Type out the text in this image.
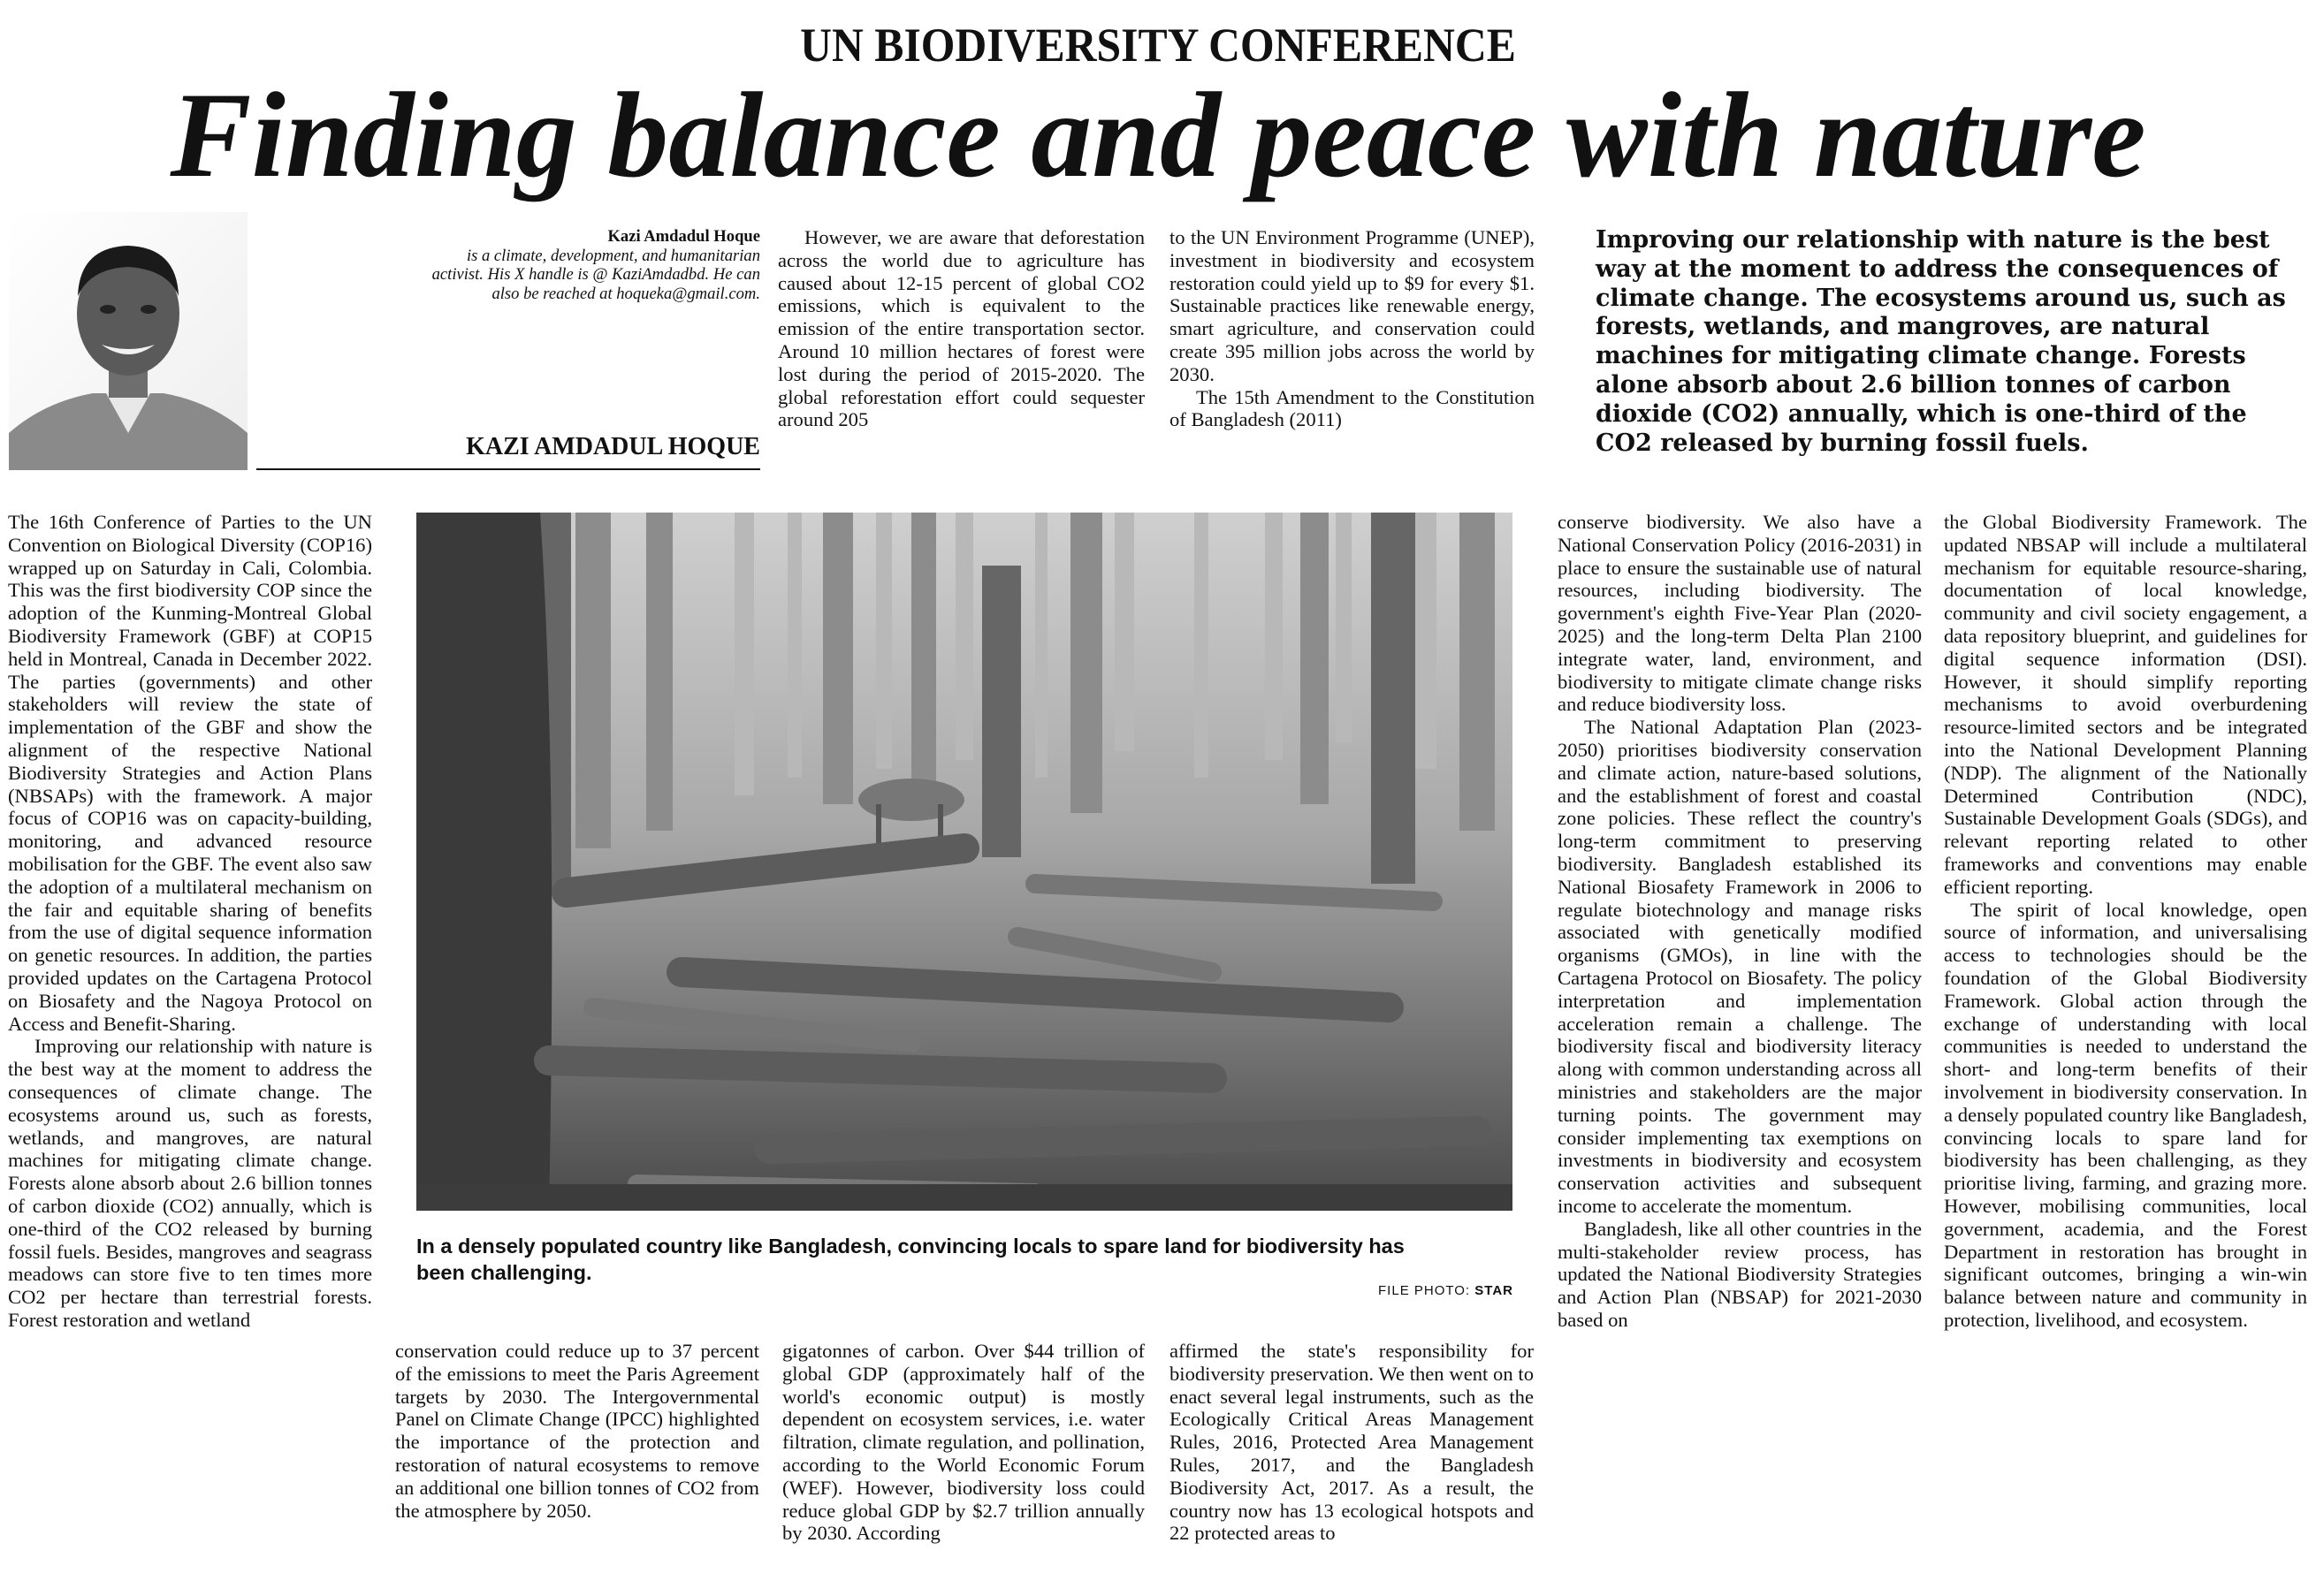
UN BIODIVERSITY CONFERENCE
Finding balance and peace with nature
Kazi Amdadul Hoque
is a climate, development, and humanitarian activist. His X handle is @ KaziAmdadbd. He can also be reached at hoqueka@gmail.com.
KAZI AMDADUL HOQUE
Improving our relationship with nature is the best way at the moment to address the consequences of climate change. The ecosystems around us, such as forests, wetlands, and mangroves, are natural machines for mitigating climate change. Forests alone absorb about 2.6 billion tonnes of carbon dioxide (CO2) annually, which is one-third of the CO2 released by burning fossil fuels.

However, we are aware that deforestation across the world due to agriculture has caused about 12-15 percent of global CO2 emissions, which is equivalent to the emission of the entire transportation sector. Around 10 million hectares of forest were lost during the period of 2015-2020. The global reforestation effort could sequester around 205

to the UN Environment Programme (UNEP), investment in biodiversity and ecosystem restoration could yield up to $9 for every $1. Sustainable practices like renewable energy, smart agriculture, and conservation could create 395 million jobs across the world by 2030.

The 15th Amendment to the Constitution of Bangladesh (2011)

The 16th Conference of Parties to the UN Convention on Biological Diversity (COP16) wrapped up on Saturday in Cali, Colombia. This was the first biodiversity COP since the adoption of the Kunming-Montreal Global Biodiversity Framework (GBF) at COP15 held in Montreal, Canada in December 2022. The parties (governments) and other stakeholders will review the state of implementation of the GBF and show the alignment of the respective National Biodiversity Strategies and Action Plans (NBSAPs) with the framework. A major focus of COP16 was on capacity-building, monitoring, and advanced resource mobilisation for the GBF. The event also saw the adoption of a multilateral mechanism on the fair and equitable sharing of benefits from the use of digital sequence information on genetic resources. In addition, the parties provided updates on the Cartagena Protocol on Biosafety and the Nagoya Protocol on Access and Benefit-Sharing.

Improving our relationship with nature is the best way at the moment to address the consequences of climate change. The ecosystems around us, such as forests, wetlands, and mangroves, are natural machines for mitigating climate change. Forests alone absorb about 2.6 billion tonnes of carbon dioxide (CO2) annually, which is one-third of the CO2 released by burning fossil fuels. Besides, mangroves and seagrass meadows can store five to ten times more CO2 per hectare than terrestrial forests. Forest restoration and wetland

In a densely populated country like Bangladesh, convincing locals to spare land for biodiversity has been challenging.
FILE PHOTO: STAR

conservation could reduce up to 37 percent of the emissions to meet the Paris Agreement targets by 2030. The Intergovernmental Panel on Climate Change (IPCC) highlighted the importance of the protection and restoration of natural ecosystems to remove an additional one billion tonnes of CO2 from the atmosphere by 2050.

gigatonnes of carbon. Over $44 trillion of global GDP (approximately half of the world's economic output) is mostly dependent on ecosystem services, i.e. water filtration, climate regulation, and pollination, according to the World Economic Forum (WEF). However, biodiversity loss could reduce global GDP by $2.7 trillion annually by 2030. According

affirmed the state's responsibility for biodiversity preservation. We then went on to enact several legal instruments, such as the Ecologically Critical Areas Management Rules, 2016, Protected Area Management Rules, 2017, and the Bangladesh Biodiversity Act, 2017. As a result, the country now has 13 ecological hotspots and 22 protected areas to

conserve biodiversity. We also have a National Conservation Policy (2016-2031) in place to ensure the sustainable use of natural resources, including biodiversity. The government's eighth Five-Year Plan (2020-2025) and the long-term Delta Plan 2100 integrate water, land, environment, and biodiversity to mitigate climate change risks and reduce biodiversity loss.

The National Adaptation Plan (2023-2050) prioritises biodiversity conservation and climate action, nature-based solutions, and the establishment of forest and coastal zone policies. These reflect the country's long-term commitment to preserving biodiversity. Bangladesh established its National Biosafety Framework in 2006 to regulate biotechnology and manage risks associated with genetically modified organisms (GMOs), in line with the Cartagena Protocol on Biosafety. The policy interpretation and implementation acceleration remain a challenge. The biodiversity fiscal and biodiversity literacy along with common understanding across all ministries and stakeholders are the major turning points. The government may consider implementing tax exemptions on investments in biodiversity and ecosystem conservation activities and subsequent income to accelerate the momentum.

Bangladesh, like all other countries in the multi-stakeholder review process, has updated the National Biodiversity Strategies and Action Plan (NBSAP) for 2021-2030 based on

the Global Biodiversity Framework. The updated NBSAP will include a multilateral mechanism for equitable resource-sharing, documentation of local knowledge, community and civil society engagement, a data repository blueprint, and guidelines for digital sequence information (DSI). However, it should simplify reporting mechanisms to avoid overburdening resource-limited sectors and be integrated into the National Development Planning (NDP). The alignment of the Nationally Determined Contribution (NDC), Sustainable Development Goals (SDGs), and relevant reporting related to other frameworks and conventions may enable efficient reporting.

The spirit of local knowledge, open source of information, and universalising access to technologies should be the foundation of the Global Biodiversity Framework. Global action through the exchange of understanding with local communities is needed to understand the short- and long-term benefits of their involvement in biodiversity conservation. In a densely populated country like Bangladesh, convincing locals to spare land for biodiversity has been challenging, as they prioritise living, farming, and grazing more. However, mobilising communities, local government, academia, and the Forest Department in restoration has brought in significant outcomes, bringing a win-win balance between nature and community in protection, livelihood, and ecosystem.
